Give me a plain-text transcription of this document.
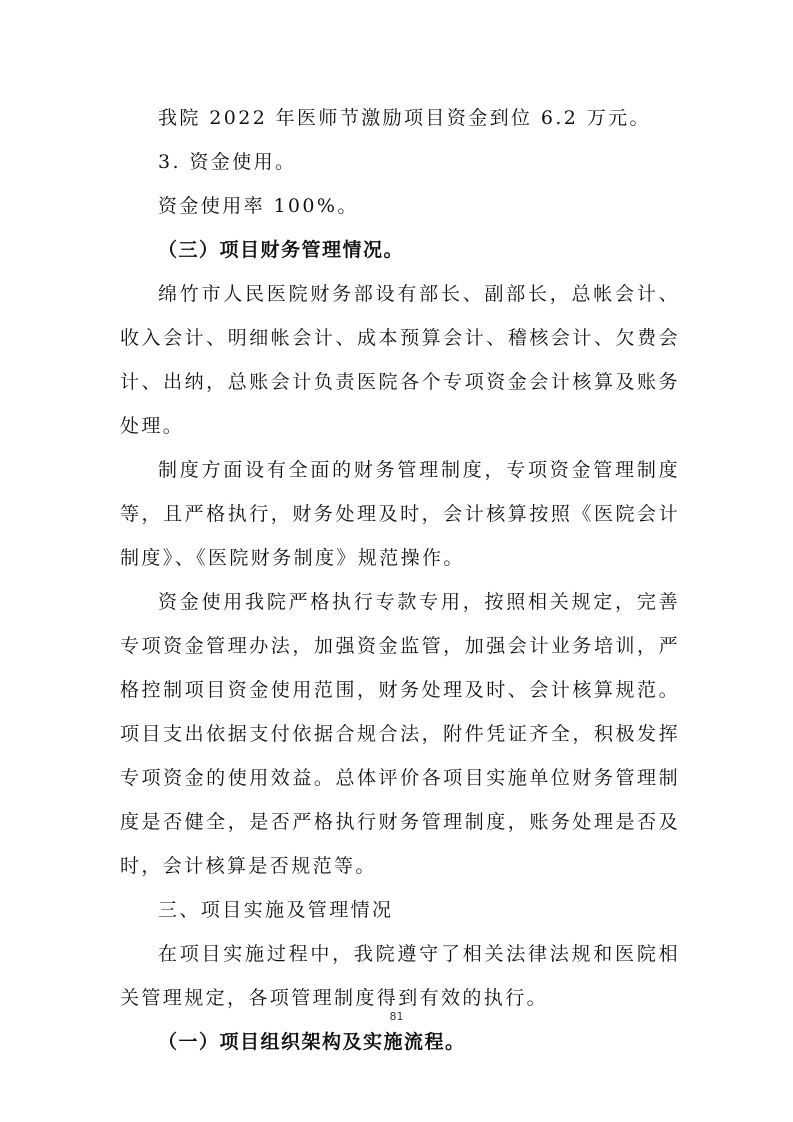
我院 2022 年医师节激励项目资金到位 6.2 万元。

3. 资金使用。

资金使用率 100%。

（三）项目财务管理情况。

绵竹市人民医院财务部设有部长、副部长，总帐会计、收入会计、明细帐会计、成本预算会计、稽核会计、欠费会计、出纳，总账会计负责医院各个专项资金会计核算及账务处理。

制度方面设有全面的财务管理制度，专项资金管理制度等，且严格执行，财务处理及时，会计核算按照《医院会计制度》、《医院财务制度》规范操作。

资金使用我院严格执行专款专用，按照相关规定，完善专项资金管理办法，加强资金监管，加强会计业务培训，严格控制项目资金使用范围，财务处理及时、会计核算规范。项目支出依据支付依据合规合法，附件凭证齐全，积极发挥专项资金的使用效益。总体评价各项目实施单位财务管理制度是否健全，是否严格执行财务管理制度，账务处理是否及时，会计核算是否规范等。

三、项目实施及管理情况

在项目实施过程中，我院遵守了相关法律法规和医院相关管理规定，各项管理制度得到有效的执行。

（一）项目组织架构及实施流程。

81
